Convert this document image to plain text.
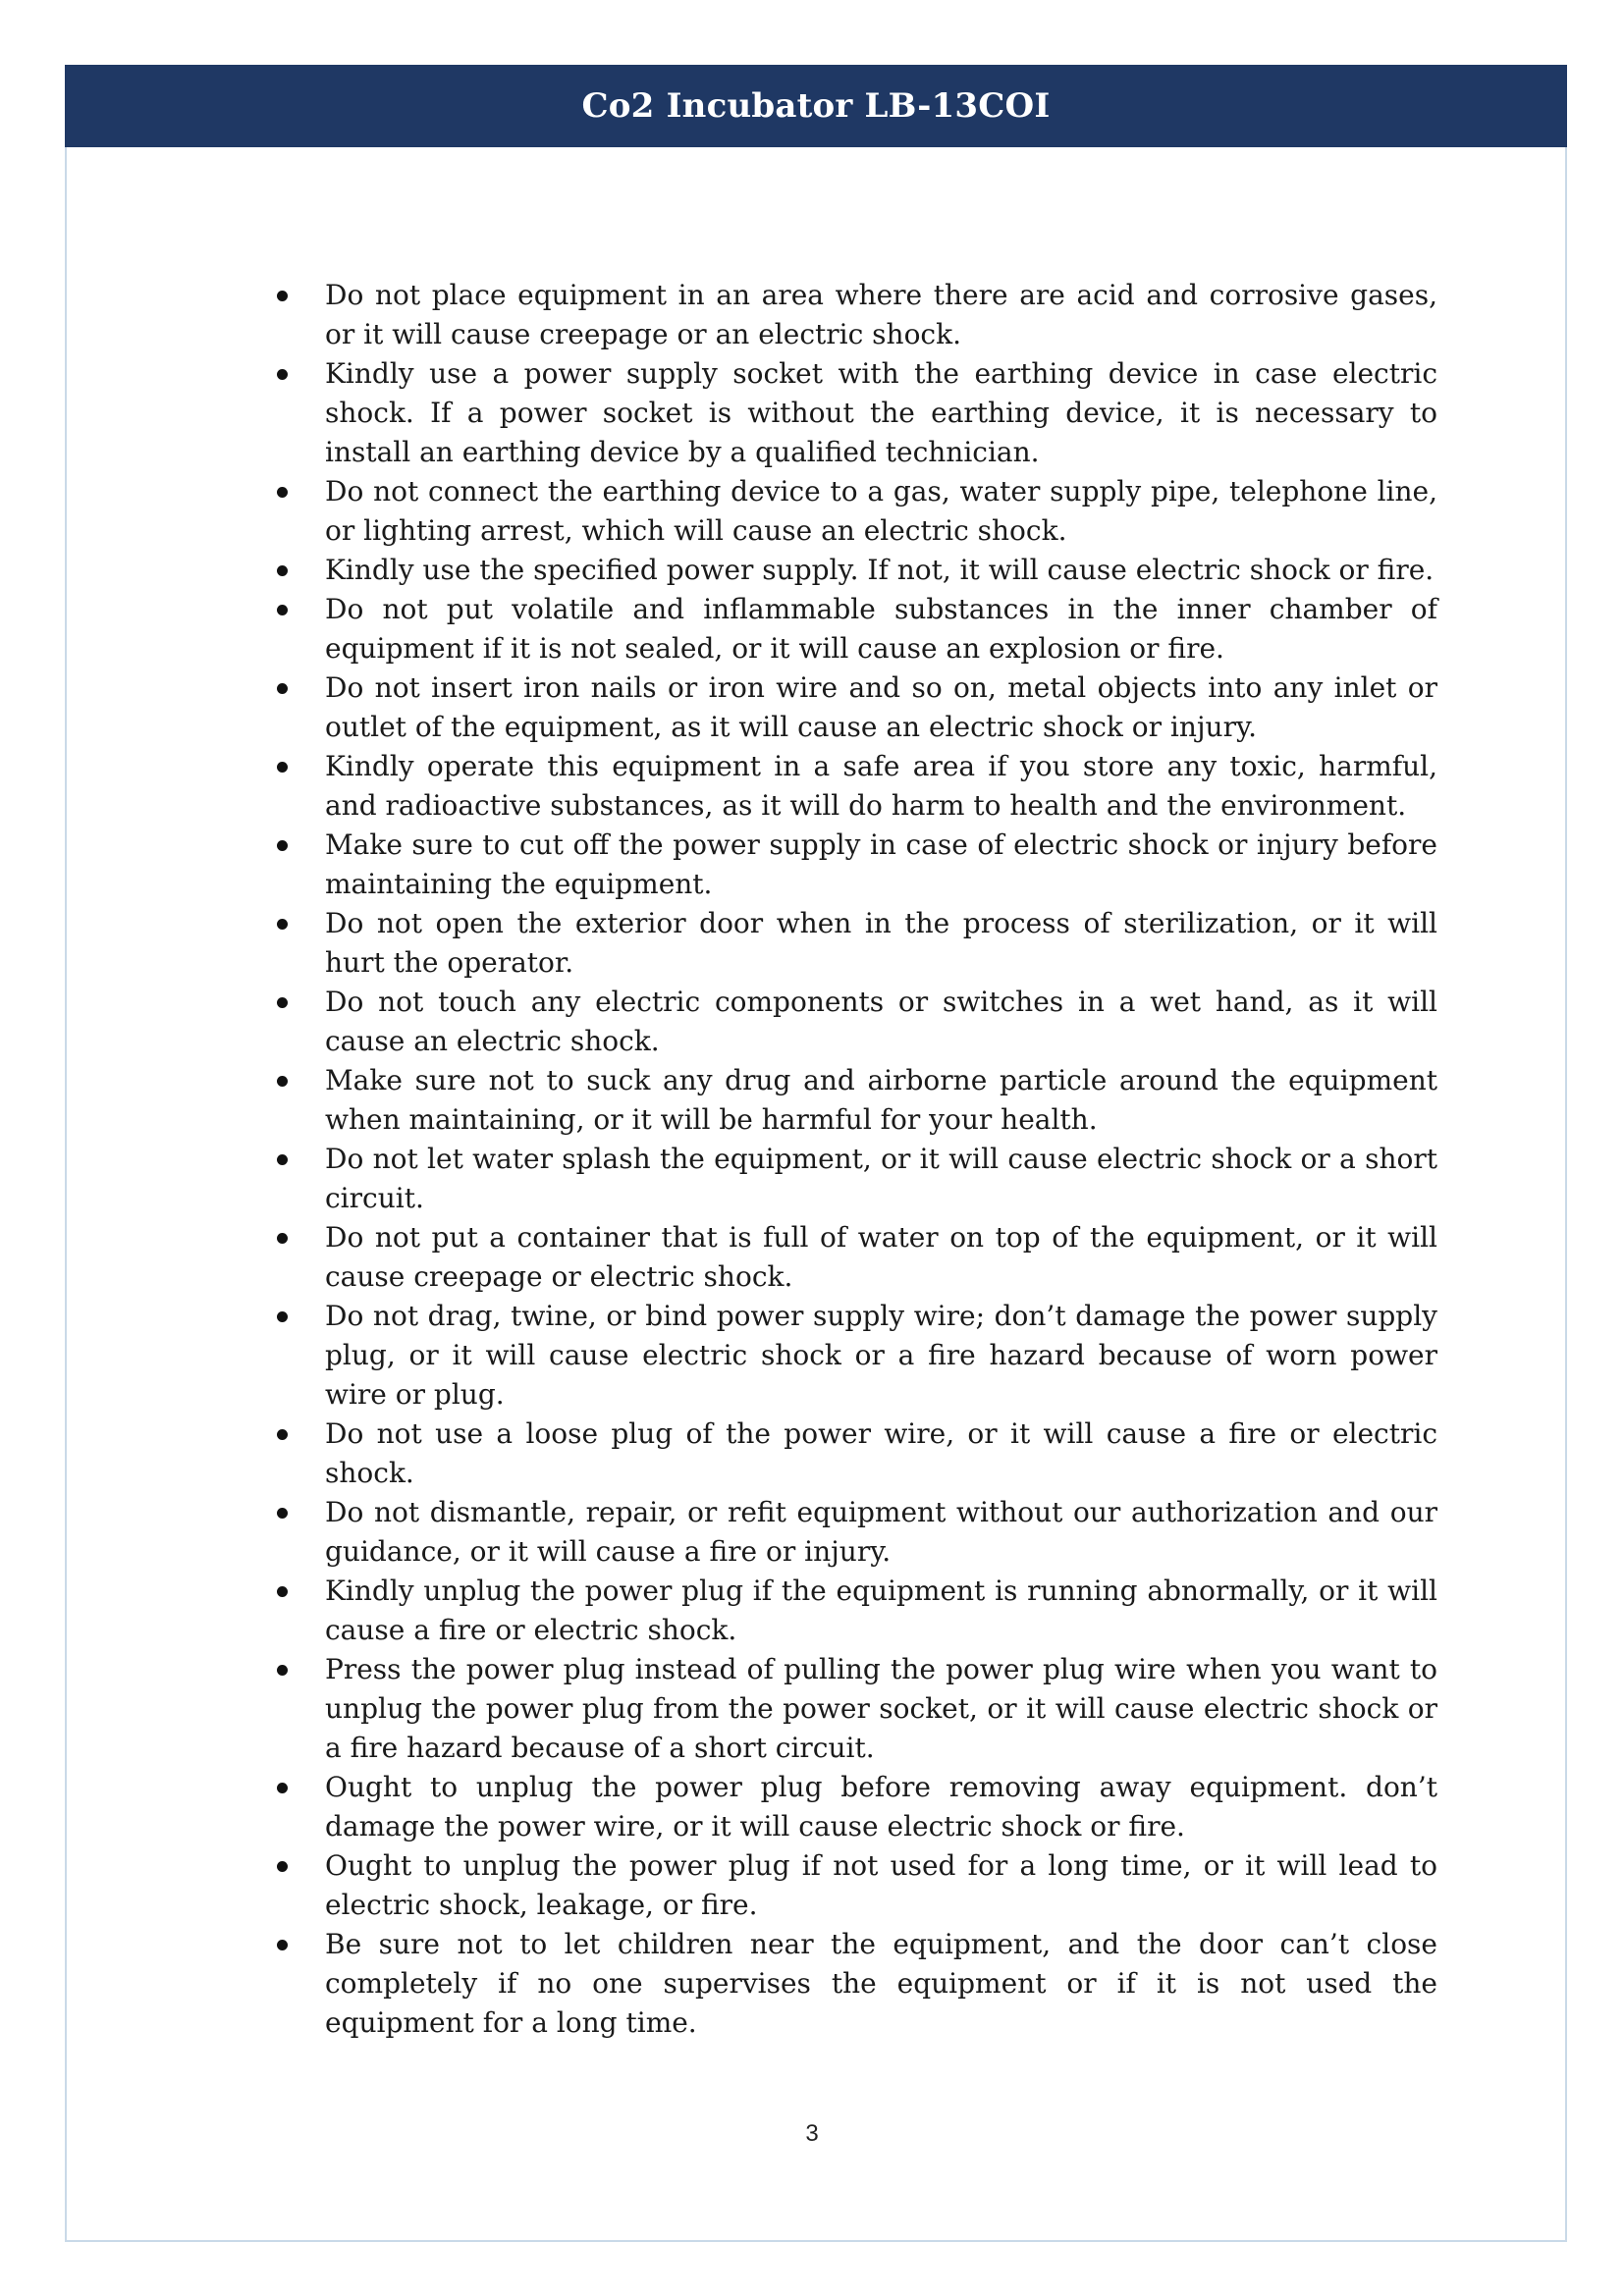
Co2 Incubator LB-13COI
Do not place equipment in an area where there are acid and corrosive gases, or it will cause creepage or an electric shock.
Kindly use a power supply socket with the earthing device in case electric shock. If a power socket is without the earthing device, it is necessary to install an earthing device by a qualified technician.
Do not connect the earthing device to a gas, water supply pipe, telephone line, or lighting arrest, which will cause an electric shock.
Kindly use the specified power supply. If not, it will cause electric shock or fire.
Do not put volatile and inflammable substances in the inner chamber of equipment if it is not sealed, or it will cause an explosion or fire.
Do not insert iron nails or iron wire and so on, metal objects into any inlet or outlet of the equipment, as it will cause an electric shock or injury.
Kindly operate this equipment in a safe area if you store any toxic, harmful, and radioactive substances, as it will do harm to health and the environment.
Make sure to cut off the power supply in case of electric shock or injury before maintaining the equipment.
Do not open the exterior door when in the process of sterilization, or it will hurt the operator.
Do not touch any electric components or switches in a wet hand, as it will cause an electric shock.
Make sure not to suck any drug and airborne particle around the equipment when maintaining, or it will be harmful for your health.
Do not let water splash the equipment, or it will cause electric shock or a short circuit.
Do not put a container that is full of water on top of the equipment, or it will cause creepage or electric shock.
Do not drag, twine, or bind power supply wire; don’t damage the power supply plug, or it will cause electric shock or a fire hazard because of worn power wire or plug.
Do not use a loose plug of the power wire, or it will cause a fire or electric shock.
Do not dismantle, repair, or refit equipment without our authorization and our guidance, or it will cause a fire or injury.
Kindly unplug the power plug if the equipment is running abnormally, or it will cause a fire or electric shock.
Press the power plug instead of pulling the power plug wire when you want to unplug the power plug from the power socket, or it will cause electric shock or a fire hazard because of a short circuit.
Ought to unplug the power plug before removing away equipment. don’t damage the power wire, or it will cause electric shock or fire.
Ought to unplug the power plug if not used for a long time, or it will lead to electric shock, leakage, or fire.
Be sure not to let children near the equipment, and the door can’t close completely if no one supervises the equipment or if it is not used the equipment for a long time.
3
